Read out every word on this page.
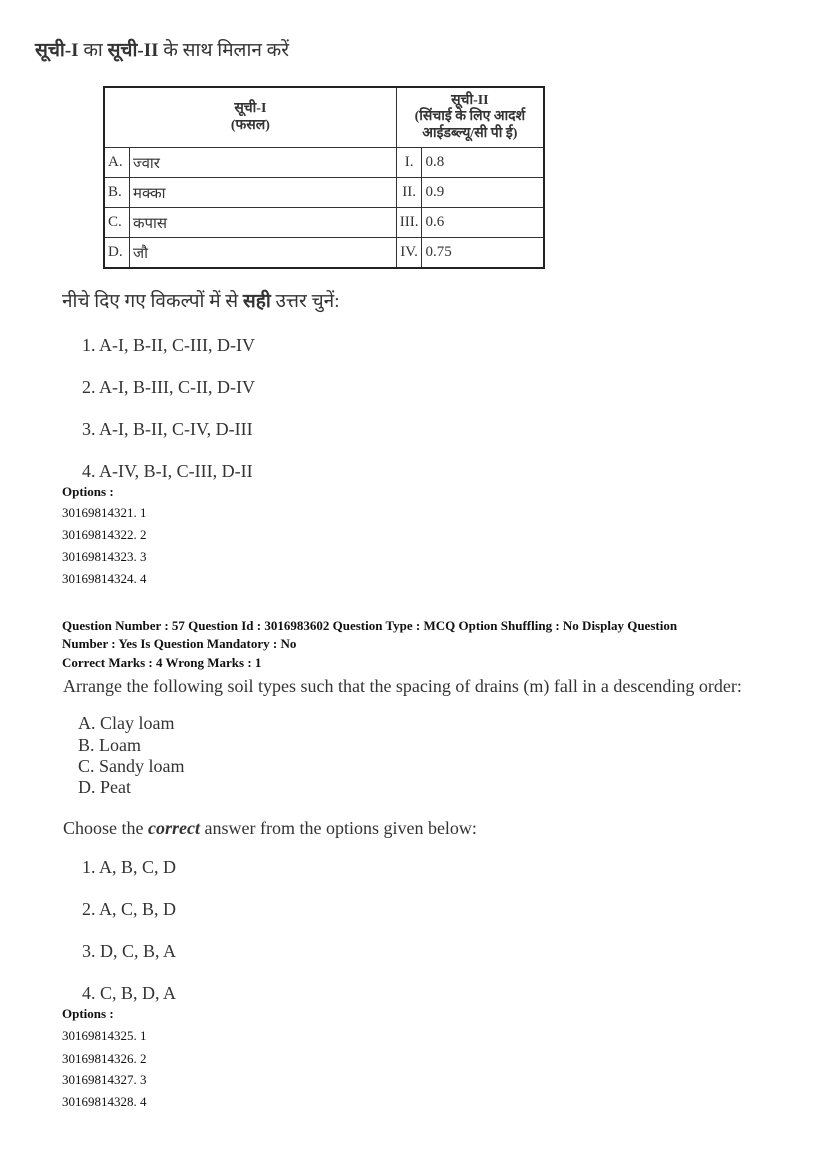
सूची-I का सूची-II के साथ मिलान करें
सूची-I
(फसल)		सूची-II
(सिंचाई के लिए आदर्श
आईडब्ल्यू/सी पी ई)	
A.	ज्वार	I.	0.8
B.	मक्का	II.	0.9
C.	कपास	III.	0.6
D.	जौ	IV.	0.75
नीचे दिए गए विकल्पों में से सही उत्तर चुनें:
1. A-I, B-II, C-III, D-IV
2. A-I, B-III, C-II, D-IV
3. A-I, B-II, C-IV, D-III
4. A-IV, B-I, C-III, D-II
Options :
30169814321. 1
30169814322. 2
30169814323. 3
30169814324. 4
Question Number : 57 Question Id : 3016983602 Question Type : MCQ Option Shuffling : No Display Question
Number : Yes Is Question Mandatory : No
Correct Marks : 4 Wrong Marks : 1
Arrange the following soil types such that the spacing of drains (m) fall in a descending order:
A. Clay loam
B. Loam
C. Sandy loam
D. Peat
Choose the correct answer from the options given below:
1. A, B, C, D
2. A, C, B, D
3. D, C, B, A
4. C, B, D, A
Options :
30169814325. 1
30169814326. 2
30169814327. 3
30169814328. 4
